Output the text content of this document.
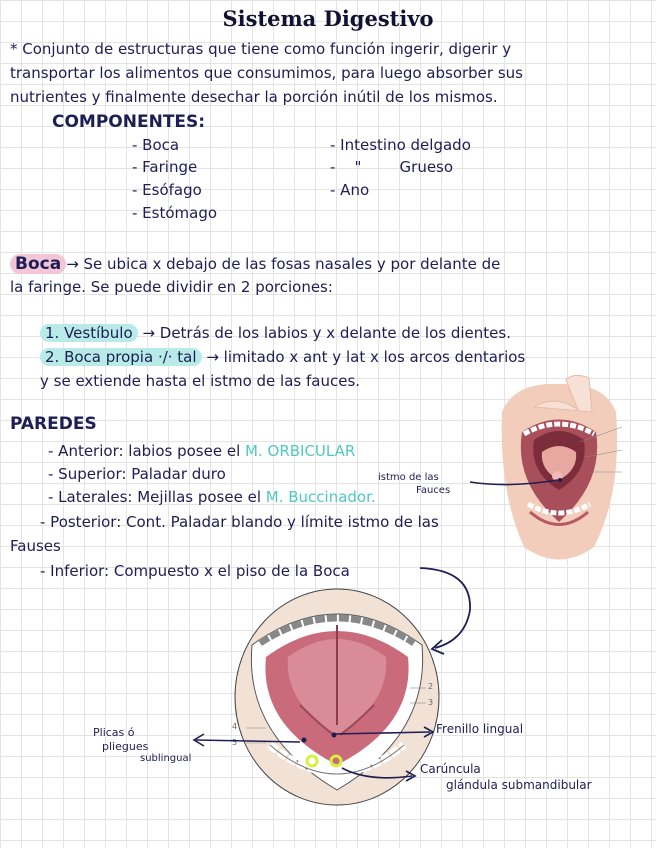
Sistema Digestivo
* Conjunto de estructuras que tiene como función ingerir, digerir y
transportar los alimentos que consumimos, para luego absorber sus
nutrientes y finalmente desechar la porción inútil de los mismos.
COMPONENTES:
- Boca
- Faringe
- Esófago
- Estómago
- Intestino delgado
-    "        Grueso
- Ano
Boca → Se ubica x debajo de las fosas nasales y por delante de
la faringe. Se puede dividir en 2 porciones:
1. Vestíbulo → Detrás de los labios y x delante de los dientes.
2. Boca propia ·/· tal → limitado x ant y lat x los arcos dentarios
y se extiende hasta el istmo de las fauces.
PAREDES
- Anterior: labios posee el M. ORBICULAR
- Superior: Paladar duro
- Laterales: Mejillas posee el M. Buccinador.
- Posterior: Cont. Paladar blando y límite istmo de las
Fauses
- Inferior: Compuesto x el piso de la Boca
istmo de las
Fauces
2
3
4
5
Plicas ó
pliegues
sublingual
Frenillo lingual
Carúncula
glándula submandibular
